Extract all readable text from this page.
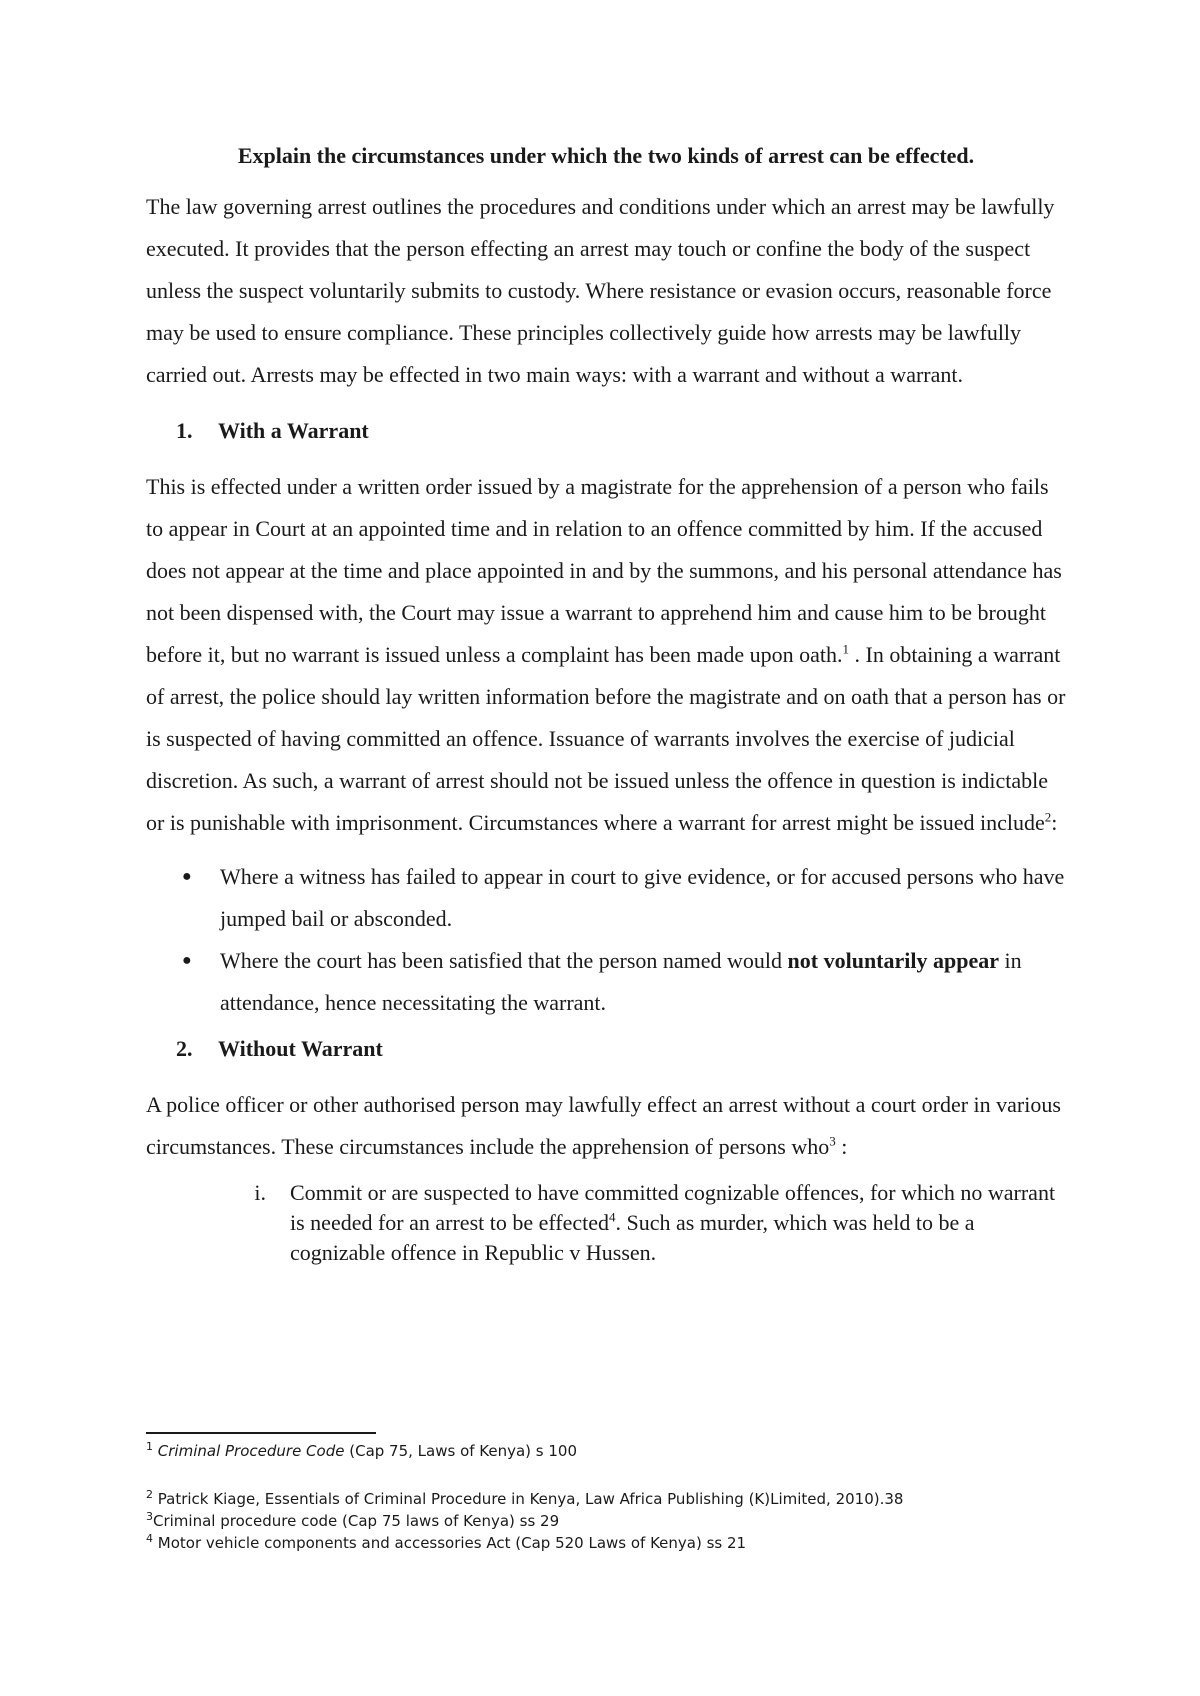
Explain the circumstances under which the two kinds of arrest can be effected.

The law governing arrest outlines the procedures and conditions under which an arrest may be lawfully executed. It provides that the person effecting an arrest may touch or confine the body of the suspect unless the suspect voluntarily submits to custody. Where resistance or evasion occurs, reasonable force may be used to ensure compliance. These principles collectively guide how arrests may be lawfully carried out. Arrests may be effected in two main ways: with a warrant and without a warrant.

1.	With a Warrant

This is effected under a written order issued by a magistrate for the apprehension of a person who fails to appear in Court at an appointed time and in relation to an offence committed by him. If the accused does not appear at the time and place appointed in and by the summons, and his personal attendance has not been dispensed with, the Court may issue a warrant to apprehend him and cause him to be brought before it, but no warrant is issued unless a complaint has been made upon oath.$^1$ . In obtaining a warrant of arrest, the police should lay written information before the magistrate and on oath that a person has or is suspected of having committed an offence. Issuance of warrants involves the exercise of judicial discretion. As such, a warrant of arrest should not be issued unless the offence in question is indictable or is punishable with imprisonment. Circumstances where a warrant for arrest might be issued include$^2$:

●	Where a witness has failed to appear in court to give evidence, or for accused persons who have jumped bail or absconded.
●	Where the court has been satisfied that the person named would not voluntarily appear in attendance, hence necessitating the warrant.
2.	Without Warrant

A police officer or other authorised person may lawfully effect an arrest without a court order in various circumstances. These circumstances include the apprehension of persons who$^3$ :

i.	Commit or are suspected to have committed cognizable offences, for which no warrant is needed for an arrest to be effected$^4$. Such as murder, which was held to be a cognizable offence in Republic v Hussen.

$^1$ Criminal Procedure Code (Cap 75, Laws of Kenya) s 100

$^2$ Patrick Kiage, Essentials of Criminal Procedure in Kenya, Law Africa Publishing (K)Limited, 2010).38

$^3$Criminal procedure code (Cap 75 laws of Kenya) ss 29

$^4$ Motor vehicle components and accessories Act (Cap 520 Laws of Kenya) ss 21
